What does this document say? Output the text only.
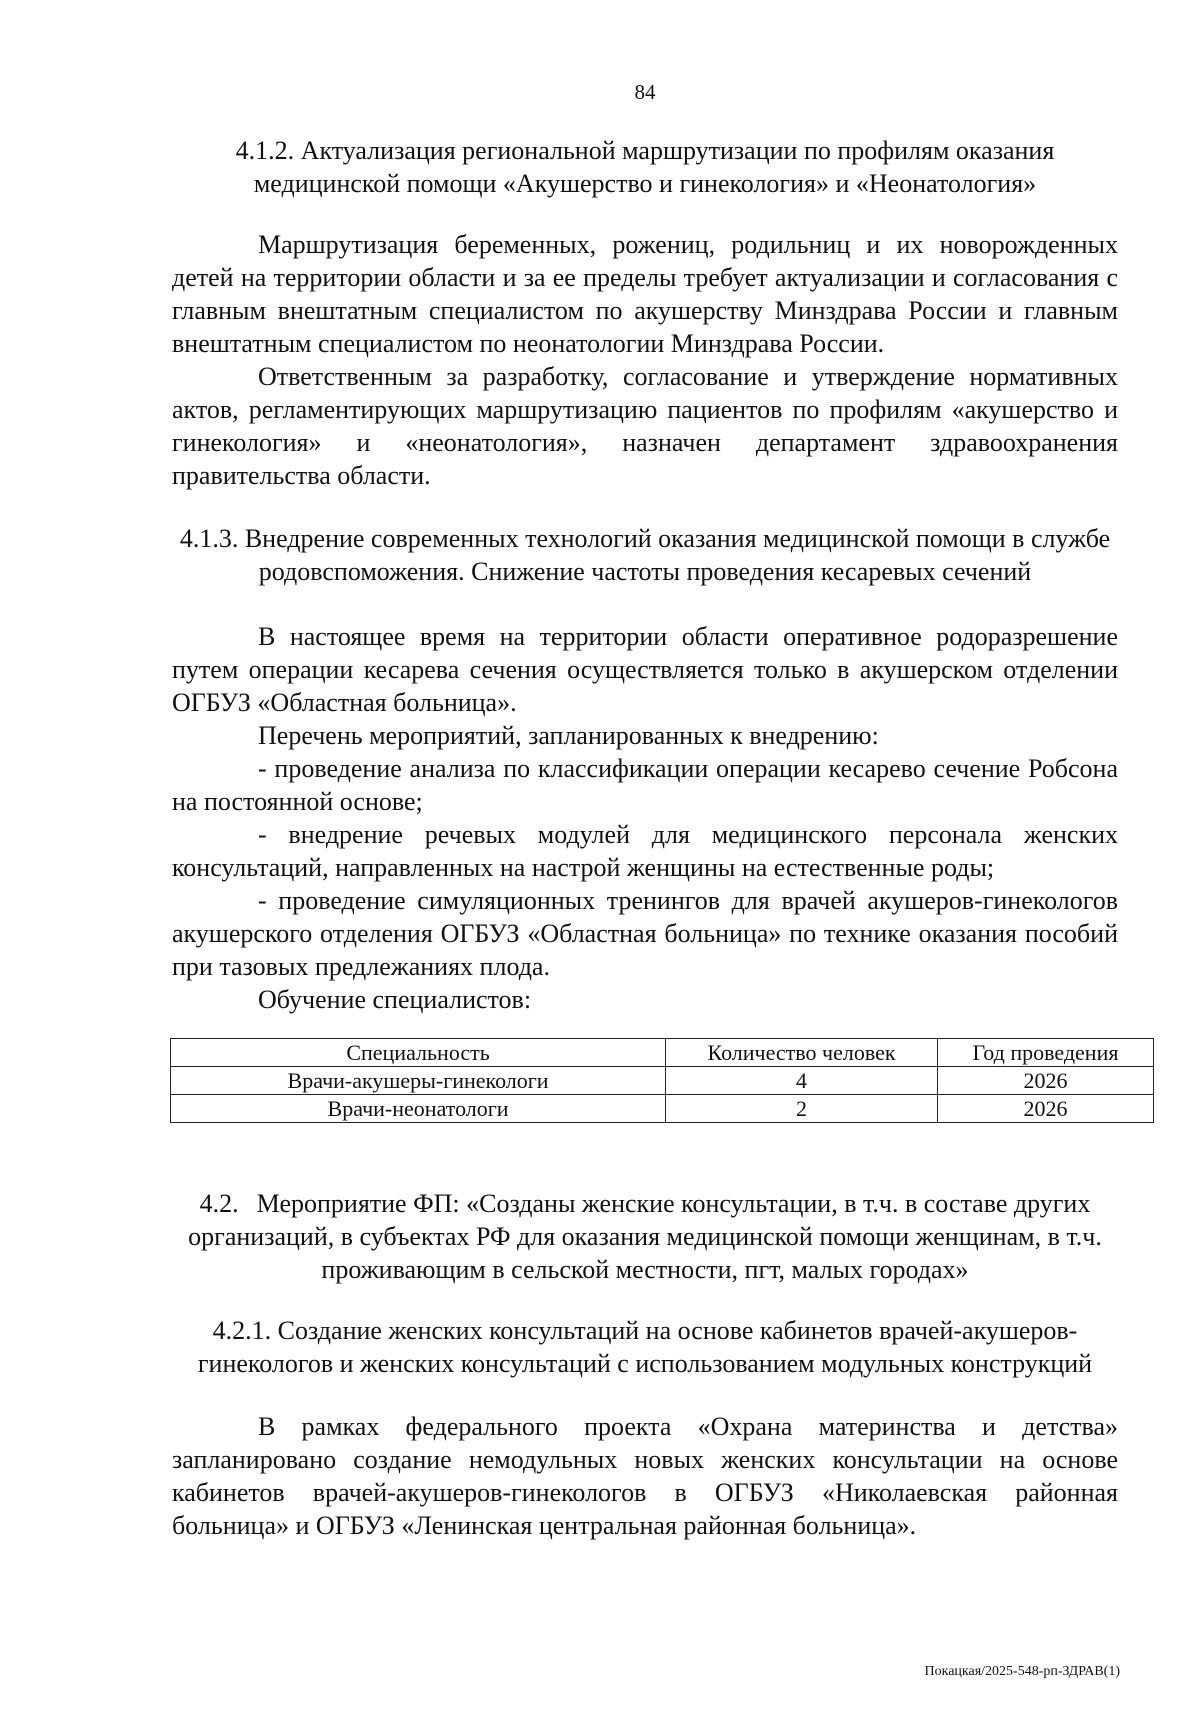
84

4.1.2. Актуализация региональной маршрутизации по профилям оказания медицинской помощи «Акушерство и гинекология» и «Неонатология»

Маршрутизация беременных, рожениц, родильниц и их новорожденных детей на территории области и за ее пределы требует актуализации и согласования с главным внештатным специалистом по акушерству Минздрава России и главным внештатным специалистом по неонатологии Минздрава России.

Ответственным за разработку, согласование и утверждение нормативных актов, регламентирующих маршрутизацию пациентов по профилям «акушерство и гинекология» и «неонатология», назначен департамент здравоохранения правительства области.

4.1.3. Внедрение современных технологий оказания медицинской помощи в службе родовспоможения. Снижение частоты проведения кесаревых сечений

В настоящее время на территории области оперативное родоразрешение путем операции кесарева сечения осуществляется только в акушерском отделении ОГБУЗ «Областная больница».

Перечень мероприятий, запланированных к внедрению:

- проведение анализа по классификации операции кесарево сечение Робсона на постоянной основе;

- внедрение речевых модулей для медицинского персонала женских консультаций, направленных на настрой женщины на естественные роды;

- проведение симуляционных тренингов для врачей акушеров-гинекологов акушерского отделения ОГБУЗ «Областная больница» по технике оказания пособий при тазовых предлежаниях плода.

Обучение специалистов:

Специальность	Количество человек	Год проведения
Врачи-акушеры-гинекологи	4	2026
Врачи-неонатологи	2	2026

4.2. Мероприятие ФП: «Созданы женские консультации, в т.ч. в составе других организаций, в субъектах РФ для оказания медицинской помощи женщинам, в т.ч. проживающим в сельской местности, пгт, малых городах»

4.2.1. Создание женских консультаций на основе кабинетов врачей-акушеров-гинекологов и женских консультаций с использованием модульных конструкций

В рамках федерального проекта «Охрана материнства и детства» запланировано создание немодульных новых женских консультации на основе кабинетов врачей-акушеров-гинекологов в ОГБУЗ «Николаевская районная больница» и ОГБУЗ «Ленинская центральная районная больница».

Покацкая/2025-548-рп-ЗДРАВ(1)
